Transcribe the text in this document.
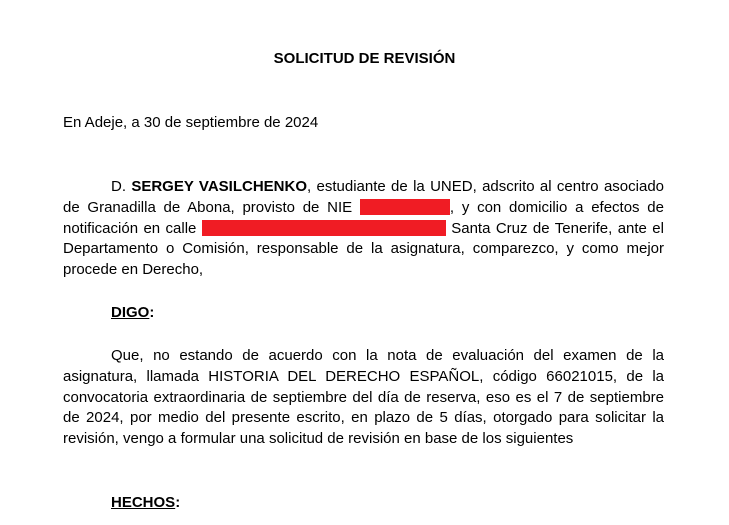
SOLICITUD DE REVISIÓN
En Adeje, a 30 de septiembre de 2024
D. SERGEY VASILCHENKO, estudiante de la UNED, adscrito al centro asociado de Granadilla de Abona, provisto de NIE	, y con domicilio a efectos de notificación en calle	Santa Cruz de Tenerife, ante el Departamento o Comisión, responsable de la asignatura, comparezco, y como mejor procede en Derecho,
DIGO:
Que, no estando de acuerdo con la nota de evaluación del examen de la asignatura, llamada HISTORIA DEL DERECHO ESPAÑOL, código 66021015, de la convocatoria extraordinaria de septiembre del día de reserva, eso es el 7 de septiembre de 2024, por medio del presente escrito, en plazo de 5 días, otorgado para solicitar la revisión, vengo a formular una solicitud de revisión en base de los siguientes
HECHOS:
